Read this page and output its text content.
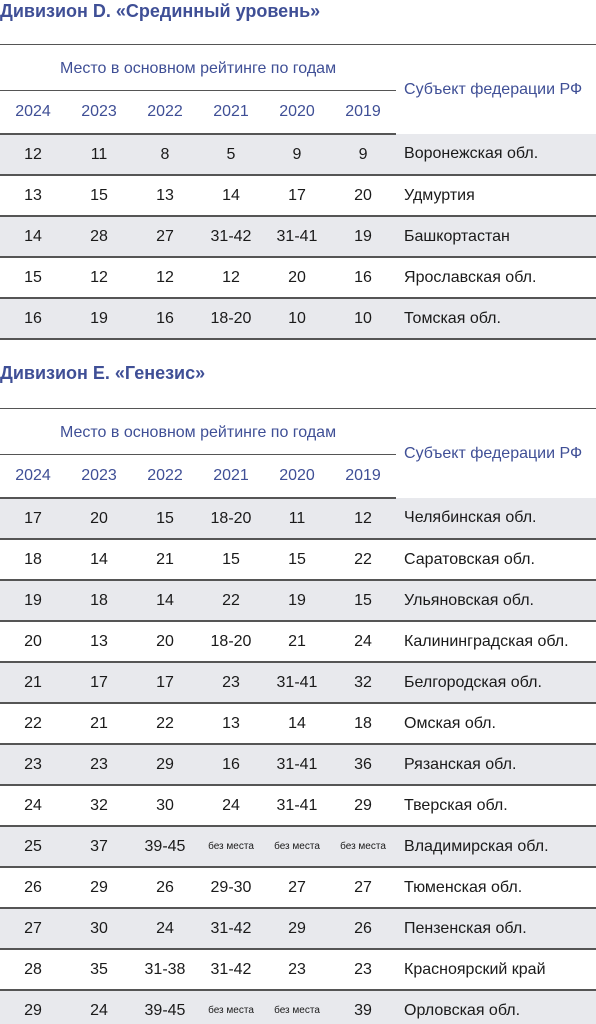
Дивизион D. «Срединный уровень»
Место в основном рейтинге по годам						Субъект федерации РФ
2024	2023	2022	2021	2020	2019	
12	11	8	5	9	9	Воронежская обл.
13	15	13	14	17	20	Удмуртия
14	28	27	31-42	31-41	19	Башкортастан
15	12	12	12	20	16	Ярославская обл.
16	19	16	18-20	10	10	Томская обл.
Дивизион E. «Генезис»
Место в основном рейтинге по годам						Субъект федерации РФ
2024	2023	2022	2021	2020	2019	
17	20	15	18-20	11	12	Челябинская обл.
18	14	21	15	15	22	Саратовская обл.
19	18	14	22	19	15	Ульяновская обл.
20	13	20	18-20	21	24	Калининградская обл.
21	17	17	23	31-41	32	Белгородская обл.
22	21	22	13	14	18	Омская обл.
23	23	29	16	31-41	36	Рязанская обл.
24	32	30	24	31-41	29	Тверская обл.
25	37	39-45	без места	без места	без места	Владимирская обл.
26	29	26	29-30	27	27	Тюменская обл.
27	30	24	31-42	29	26	Пензенская обл.
28	35	31-38	31-42	23	23	Красноярский край
29	24	39-45	без места	без места	39	Орловская обл.
